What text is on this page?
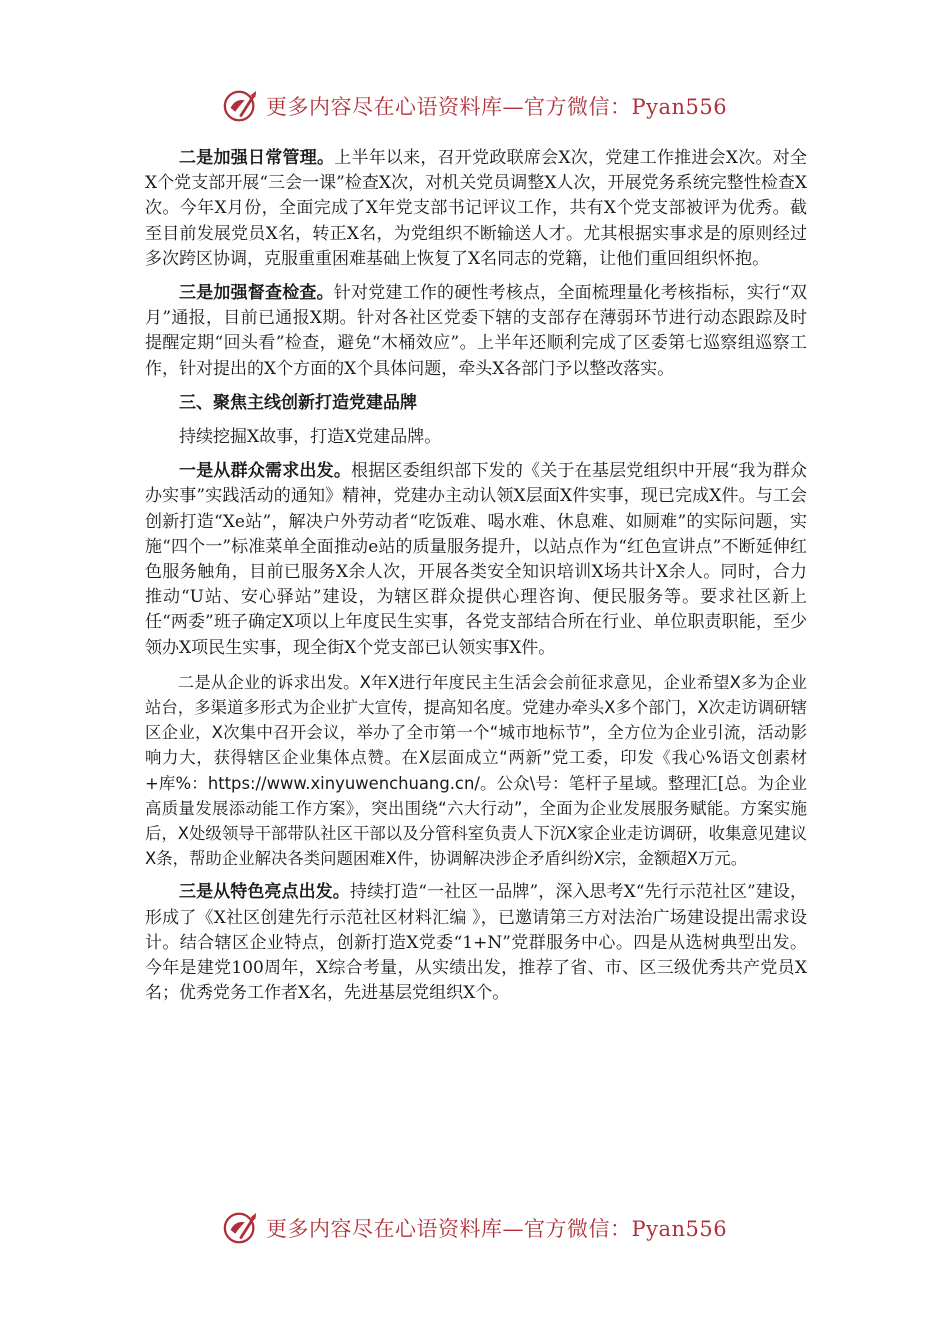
更多内容尽在心语资料库—官方微信：Pyan556

二是加强日常管理。上半年以来，召开党政联席会X次，党建工作推进会X次。对全X个党支部开展“三会一课”检查X次，对机关党员调整X人次，开展党务系统完整性检查X次。今年X月份，全面完成了X年党支部书记评议工作，共有X个党支部被评为优秀。截至目前发展党员X名，转正X名，为党组织不断输送人才。尤其根据实事求是的原则经过多次跨区协调，克服重重困难基础上恢复了X名同志的党籍，让他们重回组织怀抱。

三是加强督查检查。针对党建工作的硬性考核点，全面梳理量化考核指标，实行“双月”通报，目前已通报X期。针对各社区党委下辖的支部存在薄弱环节进行动态跟踪及时提醒定期“回头看”检查，避免“木桶效应”。上半年还顺利完成了区委第七巡察组巡察工作，针对提出的X个方面的X个具体问题，牵头X各部门予以整改落实。

三、聚焦主线创新打造党建品牌

持续挖掘X故事，打造X党建品牌。

一是从群众需求出发。根据区委组织部下发的《关于在基层党组织中开展“我为群众办实事”实践活动的通知》精神，党建办主动认领X层面X件实事，现已完成X件。与工会创新打造“Xe站”，解决户外劳动者“吃饭难、喝水难、休息难、如厕难”的实际问题，实施“四个一”标准菜单全面推动e站的质量服务提升，以站点作为“红色宣讲点”不断延伸红色服务触角，目前已服务X余人次，开展各类安全知识培训X场共计X余人。同时，合力推动“U站、安心驿站”建设，为辖区群众提供心理咨询、便民服务等。要求社区新上任“两委”班子确定X项以上年度民生实事，各党支部结合所在行业、单位职责职能，至少领办X项民生实事，现全街X个党支部已认领实事X件。

二是从企业的诉求出发。X年X进行年度民主生活会会前征求意见，企业希望X多为企业站台，多渠道多形式为企业扩大宣传，提高知名度。党建办牵头X多个部门，X次走访调研辖区企业，X次集中召开会议，举办了全市第一个“城市地标节”，全方位为企业引流，活动影响力大，获得辖区企业集体点赞。在X层面成立“两新”党工委，印发《我心%语文创素材+库%：https://www.xinyuwenchuang.cn/。公众\号：笔杆子星域。整理汇[总。为企业高质量发展添动能工作方案》，突出围绕“六大行动”，全面为企业发展服务赋能。方案实施后，X处级领导干部带队社区干部以及分管科室负责人下沉X家企业走访调研，收集意见建议X条，帮助企业解决各类问题困难X件，协调解决涉企矛盾纠纷X宗，金额超X万元。

三是从特色亮点出发。持续打造“一社区一品牌”，深入思考X“先行示范社区”建设，形成了《X社区创建先行示范社区材料汇编 》，已邀请第三方对法治广场建设提出需求设计。结合辖区企业特点，创新打造X党委“1+N”党群服务中心。四是从选树典型出发。今年是建党100周年，X综合考量，从实绩出发，推荐了省、市、区三级优秀共产党员X名；优秀党务工作者X名，先进基层党组织X个。

更多内容尽在心语资料库—官方微信：Pyan556
